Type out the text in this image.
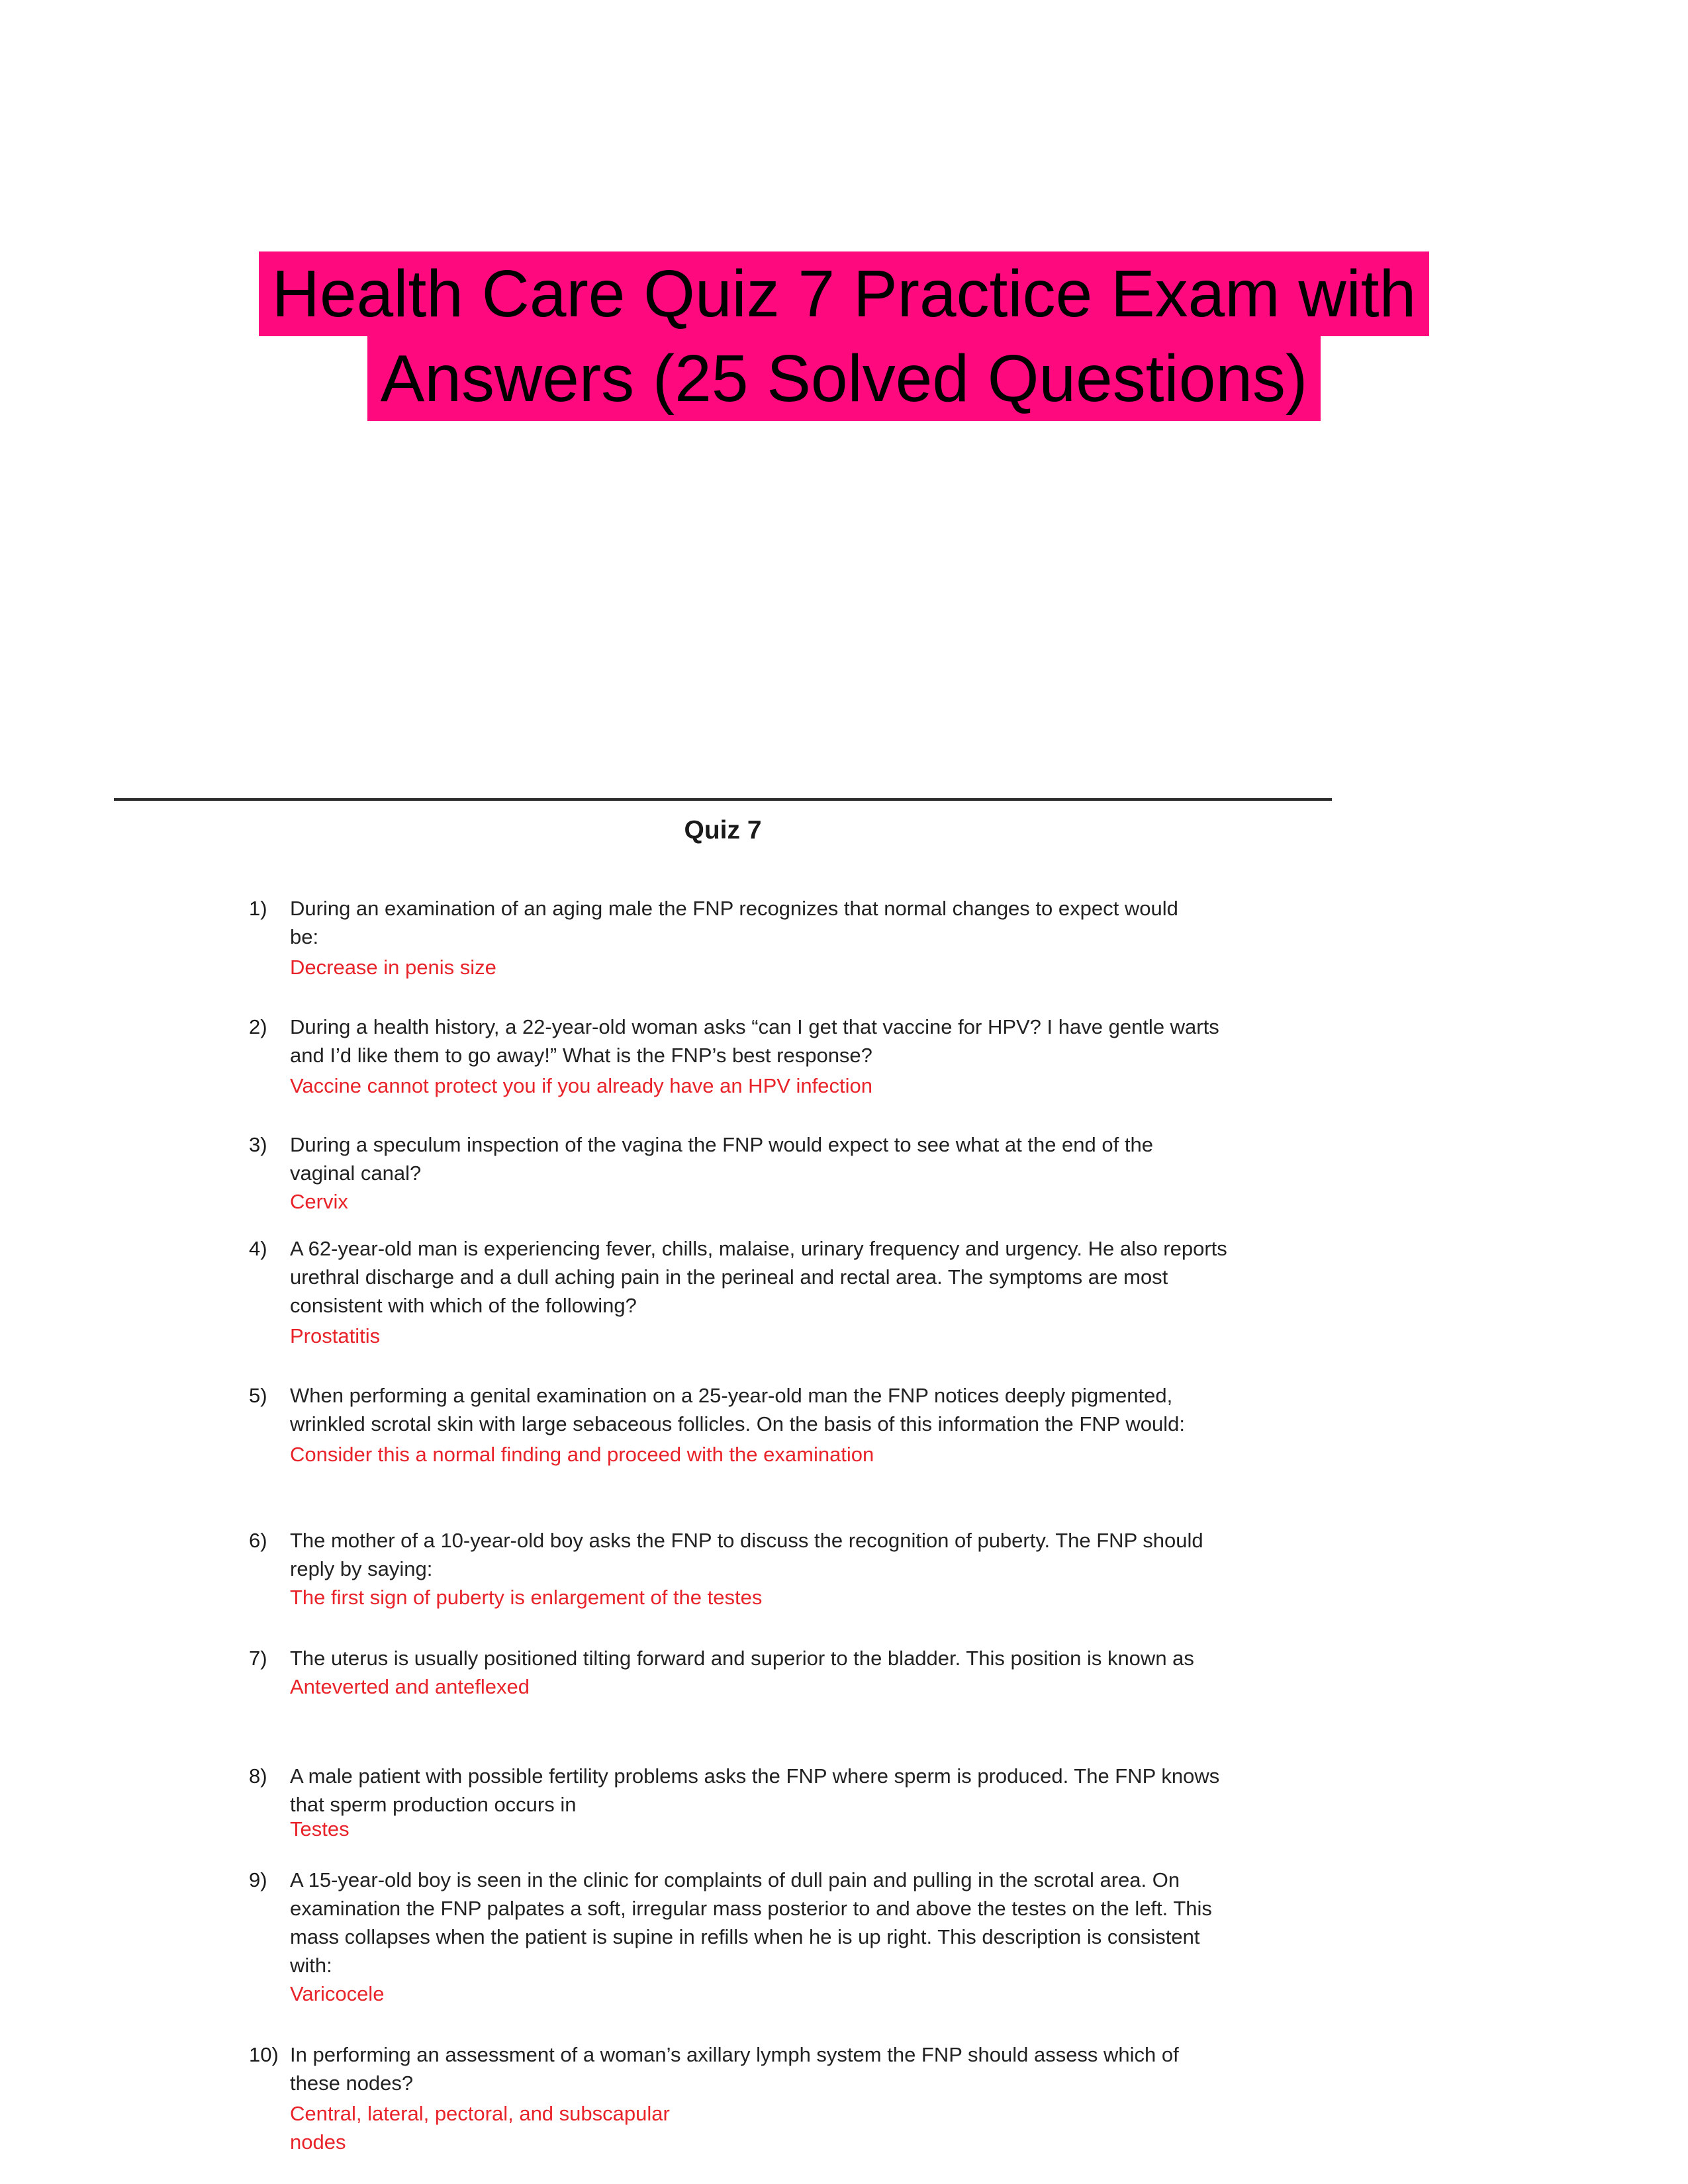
Health Care Quiz 7 Practice Exam with
Answers (25 Solved Questions)
Quiz 7
1) During an examination of an aging male the FNP recognizes that normal changes to expect would be:
Decrease in penis size
2) During a health history, a 22-year-old woman asks “can I get that vaccine for HPV? I have gentle warts and I’d like them to go away!” What is the FNP’s best response?
Vaccine cannot protect you if you already have an HPV infection
3) During a speculum inspection of the vagina the FNP would expect to see what at the end of the vaginal canal?
Cervix
4) A 62-year-old man is experiencing fever, chills, malaise, urinary frequency and urgency. He also reports urethral discharge and a dull aching pain in the perineal and rectal area. The symptoms are most consistent with which of the following?
Prostatitis
5) When performing a genital examination on a 25-year-old man the FNP notices deeply pigmented, wrinkled scrotal skin with large sebaceous follicles. On the basis of this information the FNP would:
Consider this a normal finding and proceed with the examination
6) The mother of a 10-year-old boy asks the FNP to discuss the recognition of puberty. The FNP should reply by saying:
The first sign of puberty is enlargement of the testes
7) The uterus is usually positioned tilting forward and superior to the bladder. This position is known as
Anteverted and anteflexed
8) A male patient with possible fertility problems asks the FNP where sperm is produced. The FNP knows that sperm production occurs in
Testes
9) A 15-year-old boy is seen in the clinic for complaints of dull pain and pulling in the scrotal area. On examination the FNP palpates a soft, irregular mass posterior to and above the testes on the left. This mass collapses when the patient is supine in refills when he is up right. This description is consistent with:
Varicocele
10) In performing an assessment of a woman’s axillary lymph system the FNP should assess which of these nodes?
Central, lateral, pectoral, and subscapular nodes
